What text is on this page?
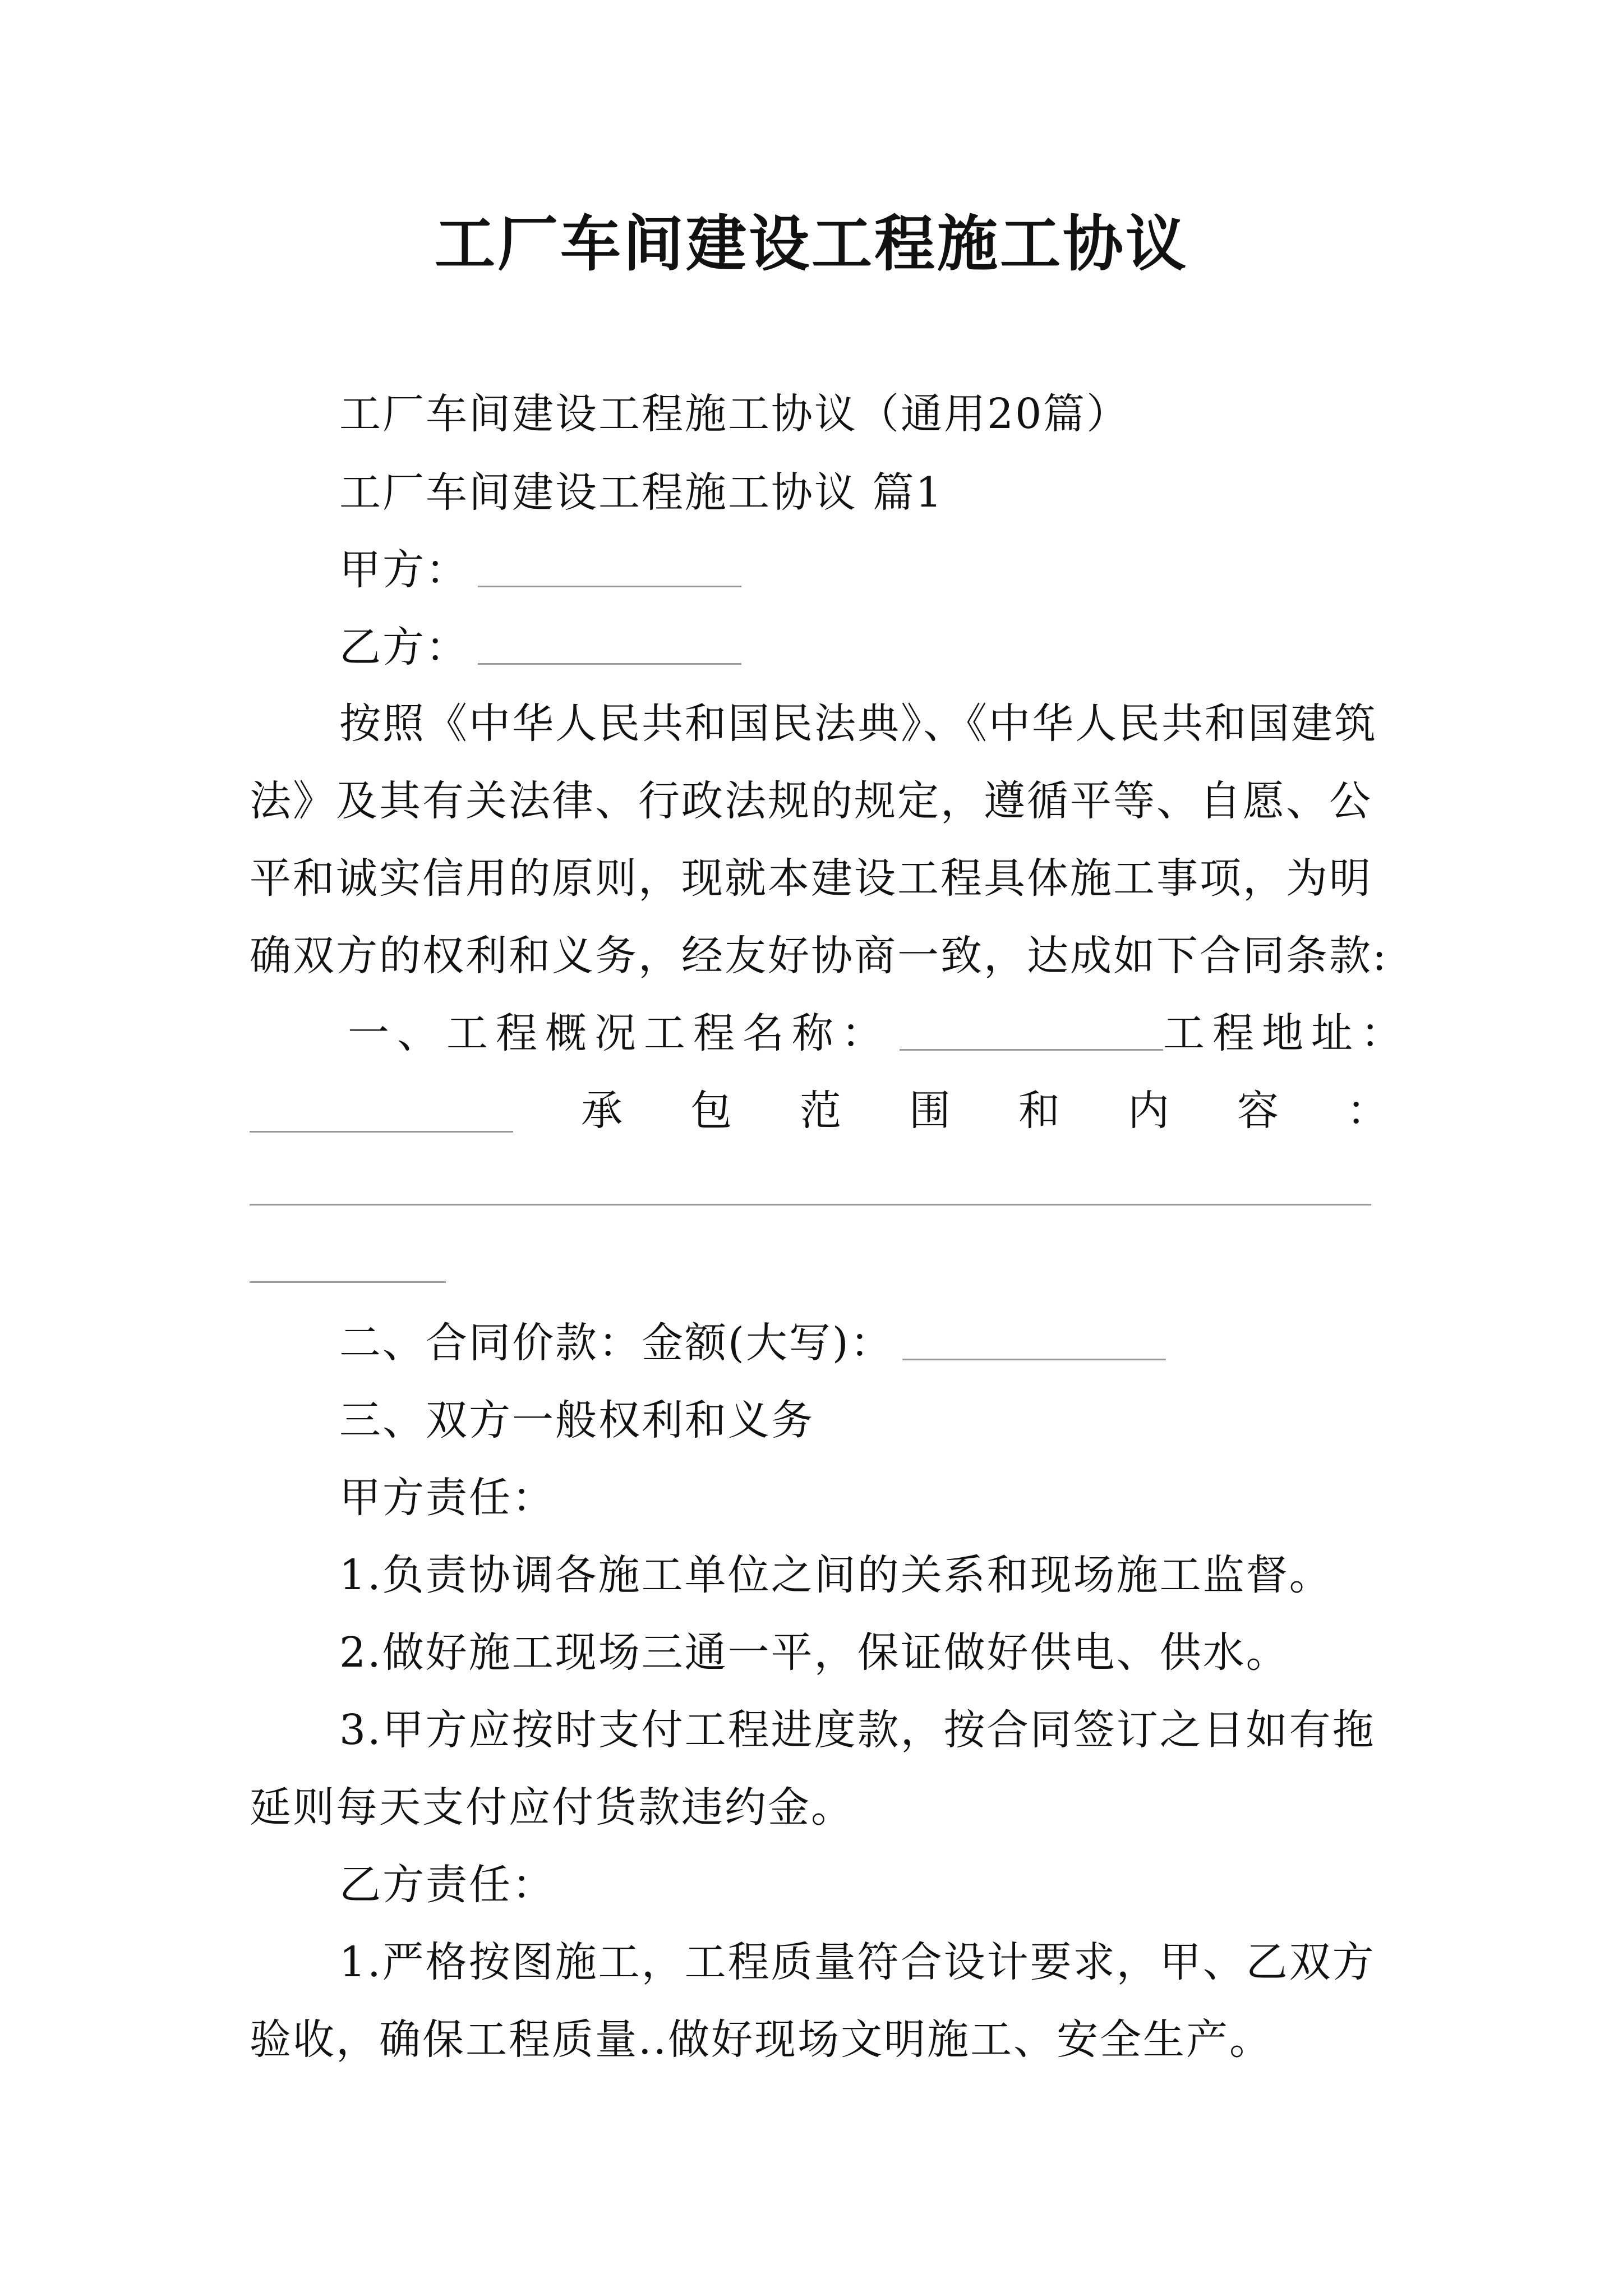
工厂车间建设工程施工协议
工厂车间建设工程施工协议（通用20篇）
工厂车间建设工程施工协议 篇1
甲方：
乙方：
按照《中华人民共和国民法典》、《中华人民共和国建筑
法》及其有关法律、行政法规的规定，遵循平等、自愿、公
平和诚实信用的原则，现就本建设工程具体施工事项，为明
确双方的权利和义务，经友好协商一致，达成如下合同条款:
一、工程概况工程名称：	工程地址：
承 包 范 围 和 内 容 ：
二、合同价款：金额(大写)：
三、双方一般权利和义务
甲方责任：
1.负责协调各施工单位之间的关系和现场施工监督。
2.做好施工现场三通一平，保证做好供电、供水。
3.甲方应按时支付工程进度款，按合同签订之日如有拖
延则每天支付应付货款违约金。
乙方责任：
1.严格按图施工，工程质量符合设计要求，甲、乙双方
验收，确保工程质量..做好现场文明施工、安全生产。
